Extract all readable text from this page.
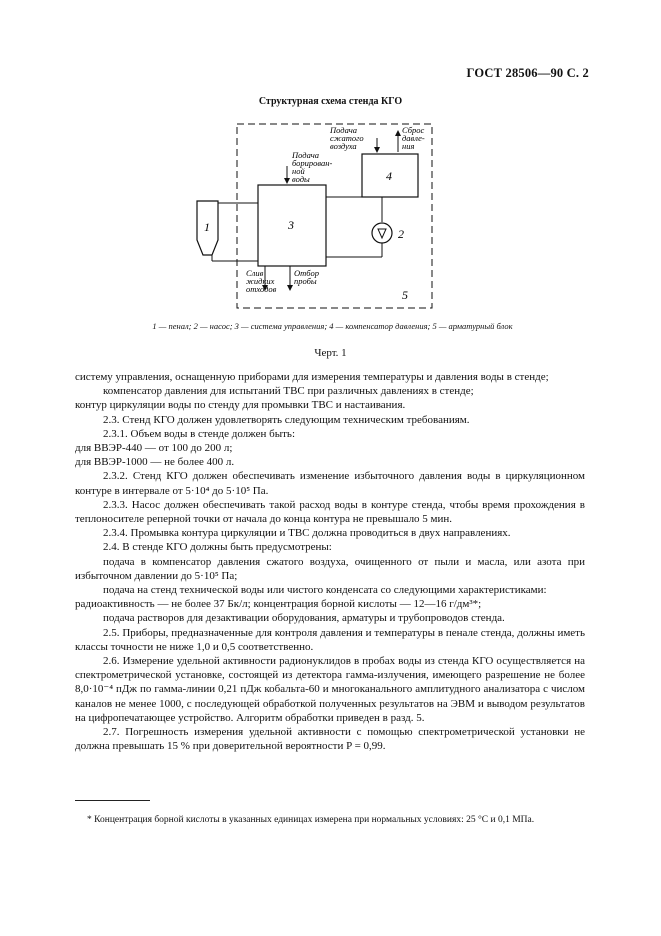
ГОСТ 28506—90 С. 2
Структурная схема стенда КГО
4
3
1	2
Подача сжатого воздуха
Сброс давле- ния
Подача борирован- ной воды
Слив жидких отходов
Отбор пробы
5
1 — пенал; 2 — насос; 3 — система управления; 4 — компенсатор давления; 5 — арматурный блок
Черт. 1

систему управления, оснащенную приборами для измерения температуры и давления воды в стенде;

компенсатор давления для испытаний ТВС при различных давлениях в стенде;

контур циркуляции воды по стенду для промывки ТВС и настаивания.

2.3. Стенд КГО должен удовлетворять следующим техническим требованиям.

2.3.1. Объем воды в стенде должен быть:

для ВВЭР-440 — от 100 до 200 л;

для ВВЭР-1000 — не более 400 л.

2.3.2. Стенд КГО должен обеспечивать изменение избыточного давления воды в циркуляционном контуре в интервале от 5·10⁴ до 5·10⁵ Па.

2.3.3. Насос должен обеспечивать такой расход воды в контуре стенда, чтобы время прохождения в теплоносителе реперной точки от начала до конца контура не превышало 5 мин.

2.3.4. Промывка контура циркуляции и ТВС должна проводиться в двух направлениях.

2.4. В стенде КГО должны быть предусмотрены:

подача в компенсатор давления сжатого воздуха, очищенного от пыли и масла, или азота при избыточном давлении до 5·10⁵ Па;

подача на стенд технической воды или чистого конденсата со следующими характеристиками:

радиоактивность — не более 37 Бк/л; концентрация борной кислоты — 12—16 г/дм³*;

подача растворов для дезактивации оборудования, арматуры и трубопроводов стенда.

2.5. Приборы, предназначенные для контроля давления и температуры в пенале стенда, должны иметь классы точности не ниже 1,0 и 0,5 соответственно.

2.6. Измерение удельной активности радионуклидов в пробах воды из стенда КГО осуществляется на спектрометрической установке, состоящей из детектора гамма-излучения, имеющего разрешение не более 8,0·10⁻⁴ пДж по гамма-линии 0,21 пДж кобальта-60 и многоканального амплитудного анализатора с числом каналов не менее 1000, с последующей обработкой полученных результатов на ЭВМ и выводом результатов на цифропечатающее устройство. Алгоритм обработки приведен в разд. 5.

2.7. Погрешность измерения удельной активности с помощью спектрометрической установки не должна превышать 15 % при доверительной вероятности P = 0,99.

* Концентрация борной кислоты в указанных единицах измерена при нормальных условиях: 25 °С и 0,1 МПа.
